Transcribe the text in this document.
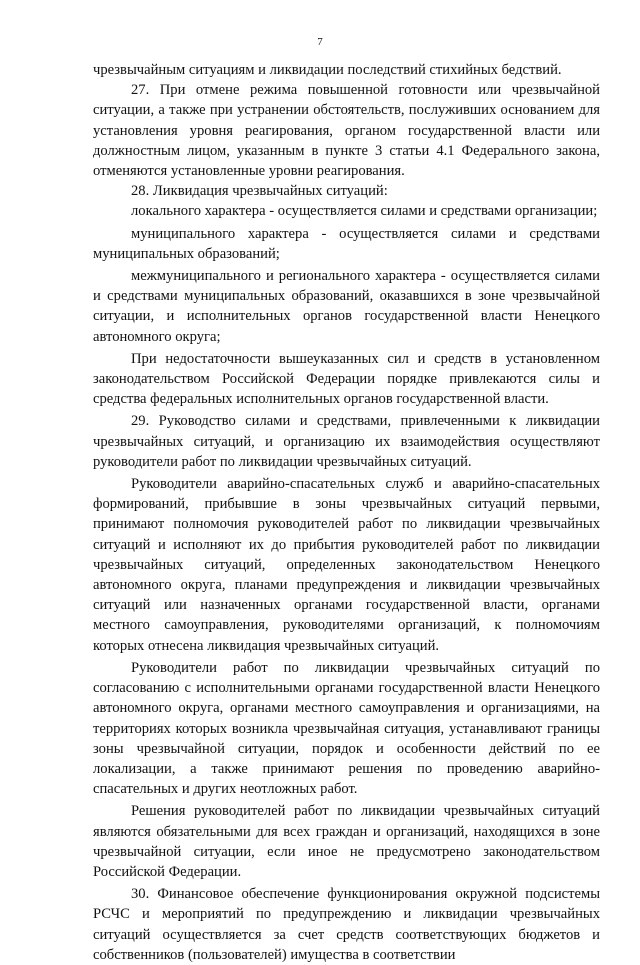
7

чрезвычайным ситуациям и ликвидации последствий стихийных бедствий.

27. При отмене режима повышенной готовности или чрезвычайной ситуации, а также при устранении обстоятельств, послуживших основанием для установления уровня реагирования, органом государственной власти или должностным лицом, указанным в пункте 3 статьи 4.1 Федерального закона, отменяются установленные уровни реагирования.

28. Ликвидация чрезвычайных ситуаций:

локального характера - осуществляется силами и средствами организации;

муниципального характера - осуществляется силами и средствами муниципальных образований;

межмуниципального и регионального характера - осуществляется силами и средствами муниципальных образований, оказавшихся в зоне чрезвычайной ситуации, и исполнительных органов государственной власти Ненецкого автономного округа;

При недостаточности вышеуказанных сил и средств в установленном законодательством Российской Федерации порядке привлекаются силы и средства федеральных исполнительных органов государственной власти.

29. Руководство силами и средствами, привлеченными к ликвидации чрезвычайных ситуаций, и организацию их взаимодействия осуществляют руководители работ по ликвидации чрезвычайных ситуаций.

Руководители аварийно-спасательных служб и аварийно-спасательных формирований, прибывшие в зоны чрезвычайных ситуаций первыми, принимают полномочия руководителей работ по ликвидации чрезвычайных ситуаций и исполняют их до прибытия руководителей работ по ликвидации чрезвычайных ситуаций, определенных законодательством Ненецкого автономного округа, планами предупреждения и ликвидации чрезвычайных ситуаций или назначенных органами государственной власти, органами местного самоуправления, руководителями организаций, к полномочиям которых отнесена ликвидация чрезвычайных ситуаций.

Руководители работ по ликвидации чрезвычайных ситуаций по согласованию с исполнительными органами государственной власти Ненецкого автономного округа, органами местного самоуправления и организациями, на территориях которых возникла чрезвычайная ситуация, устанавливают границы зоны чрезвычайной ситуации, порядок и особенности действий по ее локализации, а также принимают решения по проведению аварийно-спасательных и других неотложных работ.

Решения руководителей работ по ликвидации чрезвычайных ситуаций являются обязательными для всех граждан и организаций, находящихся в зоне чрезвычайной ситуации, если иное не предусмотрено законодательством Российской Федерации.

30. Финансовое обеспечение функционирования окружной подсистемы РСЧС и мероприятий по предупреждению и ликвидации чрезвычайных ситуаций осуществляется за счет средств соответствующих бюджетов и собственников (пользователей) имущества в соответствии
